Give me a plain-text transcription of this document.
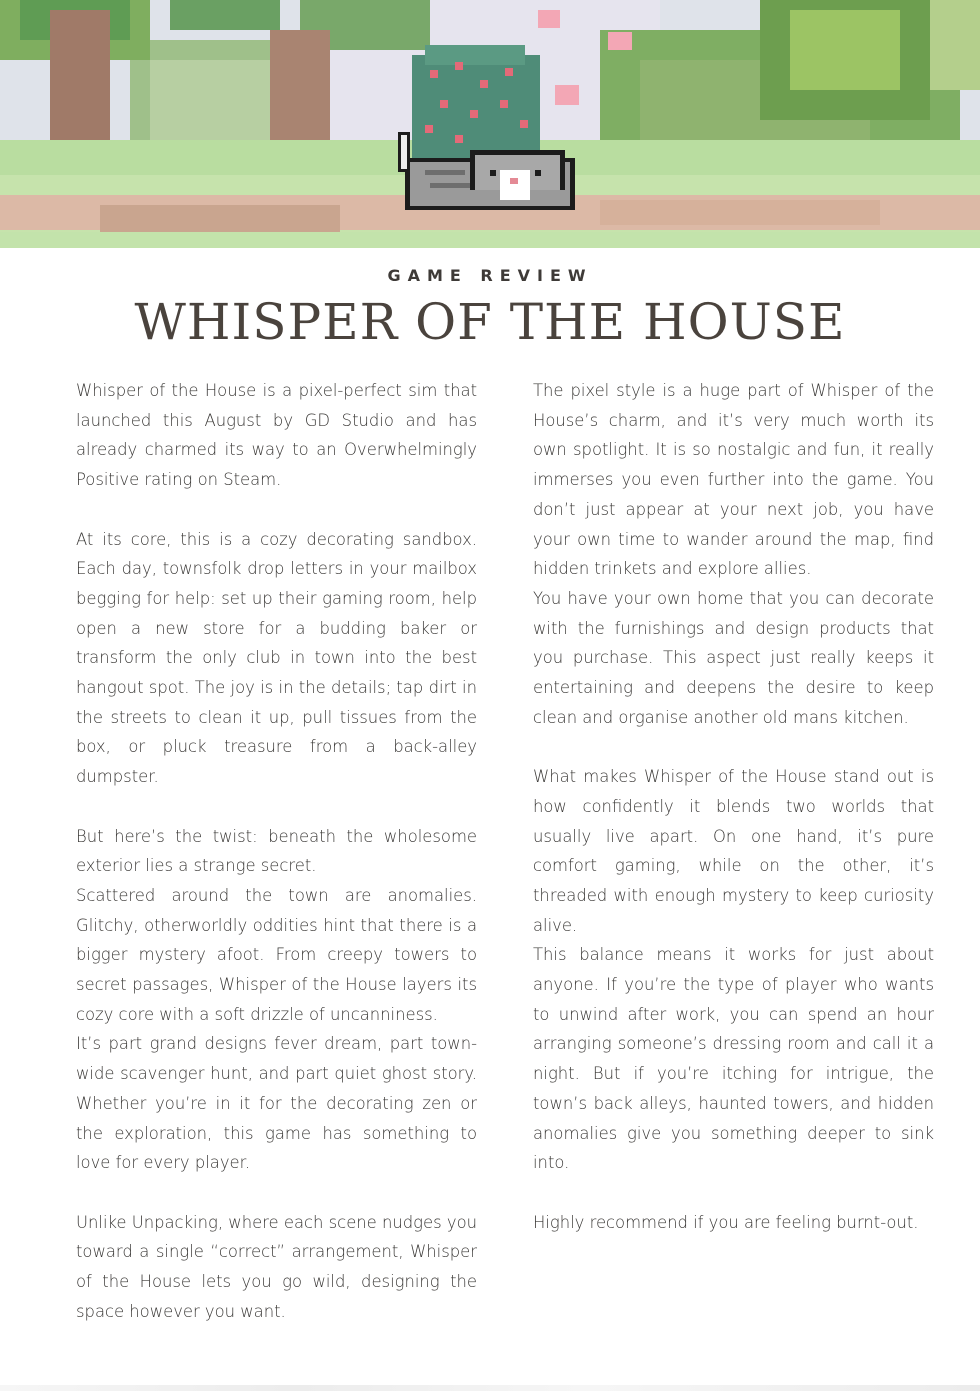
GAME REVIEW
WHISPER OF THE HOUSE

Whisper of the House is a pixel-perfect sim that launched this August by GD Studio and has already charmed its way to an Overwhelmingly Positive rating on Steam.

At its core, this is a cozy decorating sandbox. Each day, townsfolk drop letters in your mailbox begging for help: set up their gaming room, help open a new store for a budding baker or transform the only club in town into the best hangout spot. The joy is in the details; tap dirt in the streets to clean it up, pull tissues from the box, or pluck treasure from a back-alley dumpster.

But here’s the twist: beneath the wholesome exterior lies a strange secret.

Scattered around the town are anomalies. Glitchy, otherworldly oddities hint that there is a bigger mystery afoot. From creepy towers to secret passages, Whisper of the House layers its cozy core with a soft drizzle of uncanniness.

It’s part grand designs fever dream, part town-wide scavenger hunt, and part quiet ghost story. Whether you’re in it for the decorating zen or the exploration, this game has something to love for every player.

Unlike Unpacking, where each scene nudges you toward a single “correct” arrangement, Whisper of the House lets you go wild, designing the space however you want.

The pixel style is a huge part of Whisper of the House’s charm, and it’s very much worth its own spotlight. It is so nostalgic and fun, it really immerses you even further into the game. You don’t just appear at your next job, you have your own time to wander around the map, find hidden trinkets and explore allies.

You have your own home that you can decorate with the furnishings and design products that you purchase. This aspect just really keeps it entertaining and deepens the desire to keep clean and organise another old mans kitchen.

What makes Whisper of the House stand out is how confidently it blends two worlds that usually live apart. On one hand, it’s pure comfort gaming, while on the other, it’s threaded with enough mystery to keep curiosity alive.

This balance means it works for just about anyone. If you’re the type of player who wants to unwind after work, you can spend an hour arranging someone’s dressing room and call it a night. But if you’re itching for intrigue, the town’s back alleys, haunted towers, and hidden anomalies give you something deeper to sink into.

Highly recommend if you are feeling burnt-out.
